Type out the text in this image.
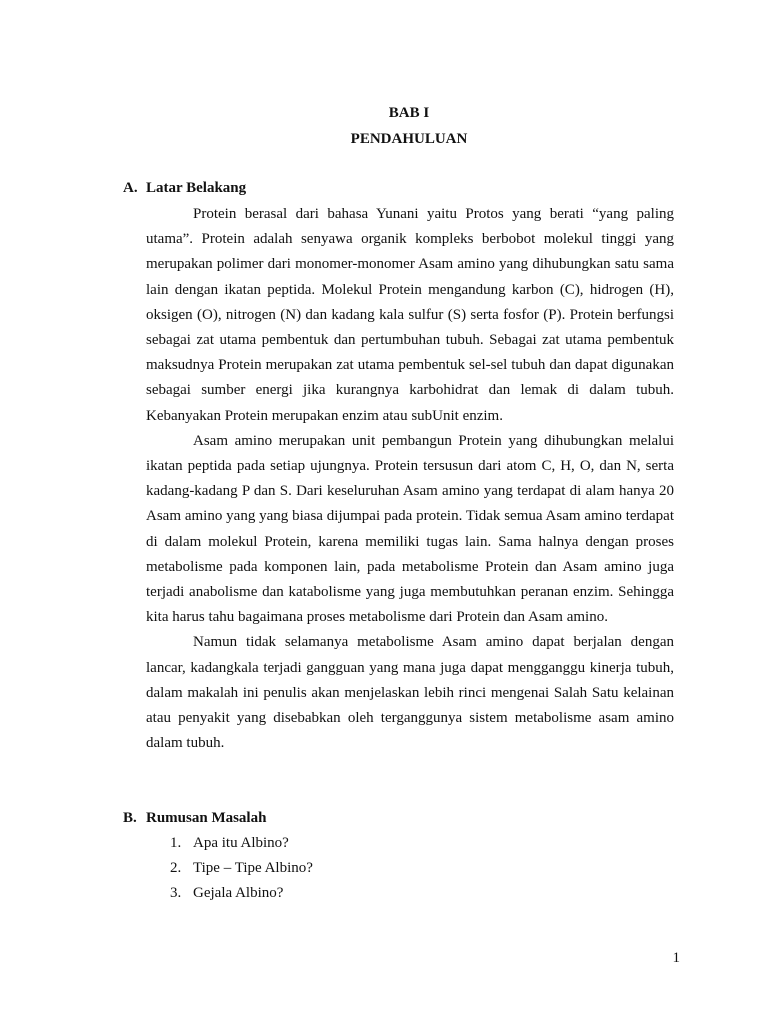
BAB I
PENDAHULUAN
A. Latar Belakang

Protein berasal dari bahasa Yunani yaitu Protos yang berati “yang paling utama”. Protein adalah senyawa organik kompleks berbobot molekul tinggi yang merupakan polimer dari monomer-monomer Asam amino yang dihubungkan satu sama lain dengan ikatan peptida. Molekul Protein mengandung karbon (C), hidrogen (H), oksigen (O), nitrogen (N) dan kadang kala sulfur (S) serta fosfor (P). Protein berfungsi sebagai zat utama pembentuk dan pertumbuhan tubuh. Sebagai zat utama pembentuk maksudnya Protein merupakan zat utama pembentuk sel-sel tubuh dan dapat digunakan sebagai sumber energi jika kurangnya karbohidrat dan lemak di dalam tubuh. Kebanyakan Protein merupakan enzim atau subUnit enzim.

Asam amino merupakan unit pembangun Protein yang dihubungkan melalui ikatan peptida pada setiap ujungnya. Protein tersusun dari atom C, H, O, dan N, serta kadang-kadang P dan S. Dari keseluruhan Asam amino yang terdapat di alam hanya 20 Asam amino yang yang biasa dijumpai pada protein. Tidak semua Asam amino terdapat di dalam molekul Protein, karena memiliki tugas lain. Sama halnya dengan proses metabolisme pada komponen lain, pada metabolisme Protein dan Asam amino juga terjadi anabolisme dan katabolisme yang juga membutuhkan peranan enzim. Sehingga kita harus tahu bagaimana proses metabolisme dari Protein dan Asam amino.

Namun tidak selamanya metabolisme Asam amino dapat berjalan dengan lancar, kadangkala terjadi gangguan yang mana juga dapat mengganggu kinerja tubuh, dalam makalah ini penulis akan menjelaskan lebih rinci mengenai Salah Satu kelainan atau penyakit yang disebabkan oleh terganggunya sistem metabolisme asam amino dalam tubuh.

B. Rumusan Masalah
1. Apa itu Albino?
2. Tipe – Tipe Albino?
3. Gejala Albino?
1
